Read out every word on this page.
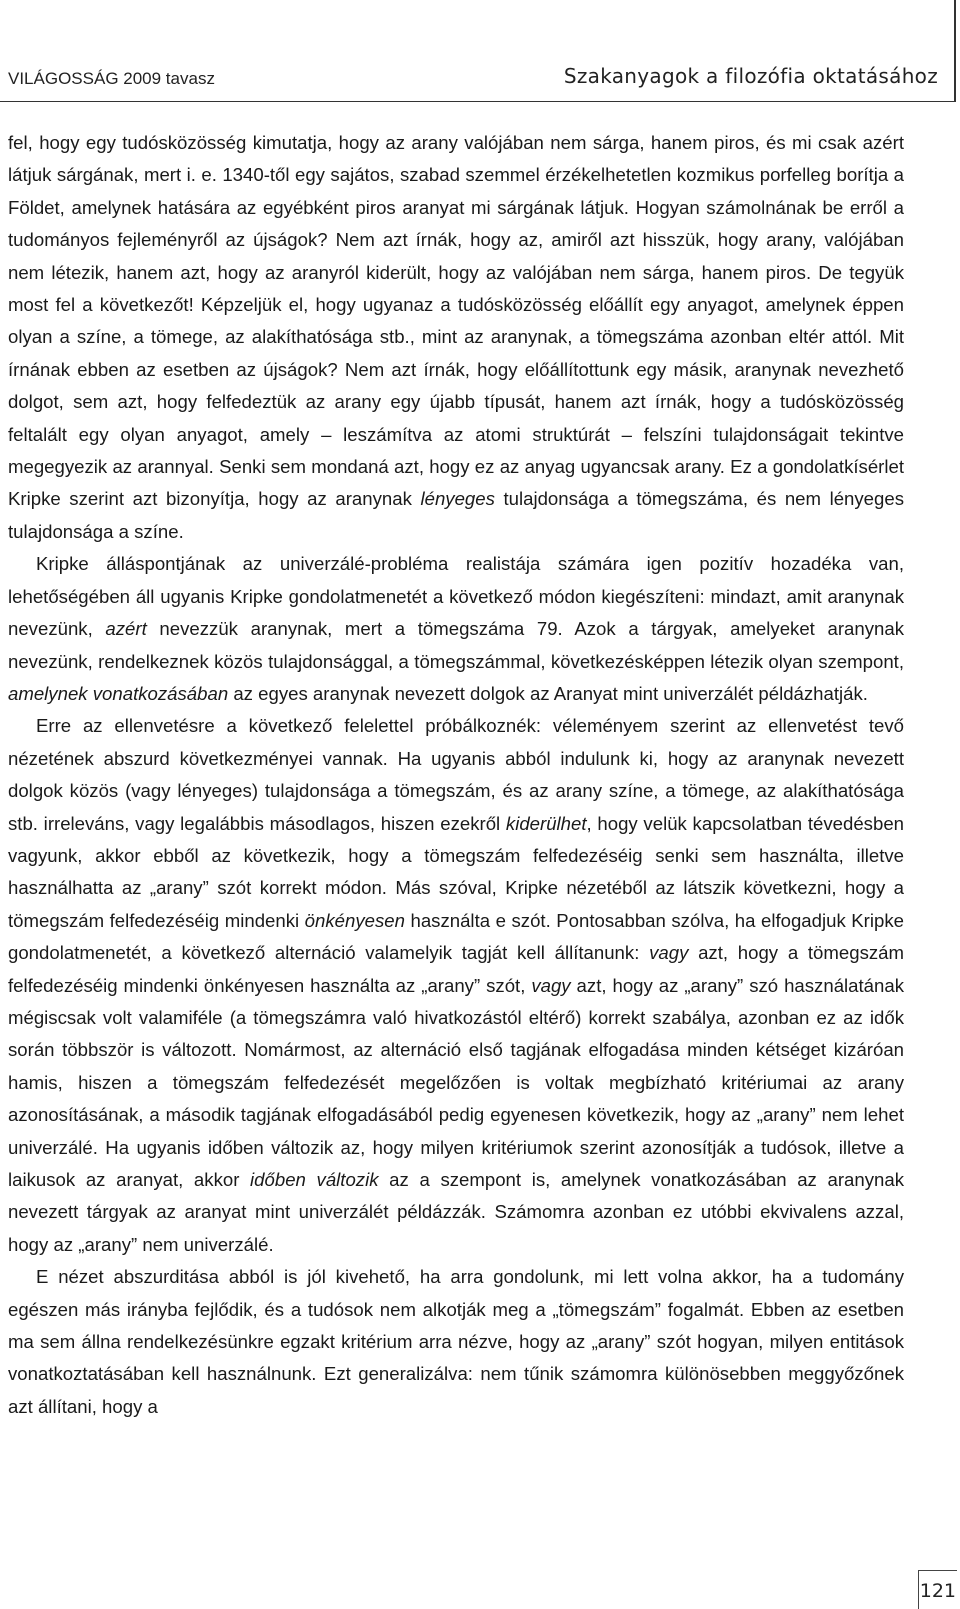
VILÁGOSSÁG 2009 tavasz	Szakanyagok a filozófia oktatásához

fel, hogy egy tudósközösség kimutatja, hogy az arany valójában nem sárga, hanem piros, és mi csak azért látjuk sárgának, mert i. e. 1340-től egy sajátos, szabad szemmel érzékelhetetlen kozmikus porfelleg borítja a Földet, amelynek hatására az egyébként piros aranyat mi sárgának látjuk. Hogyan számolnának be erről a tudományos fejleményről az újságok? Nem azt írnák, hogy az, amiről azt hisszük, hogy arany, valójában nem létezik, hanem azt, hogy az aranyról kiderült, hogy az valójában nem sárga, hanem piros. De tegyük most fel a következőt! Képzeljük el, hogy ugyanaz a tudósközösség előállít egy anyagot, amelynek éppen olyan a színe, a tömege, az alakíthatósága stb., mint az aranynak, a tömegszáma azonban eltér attól. Mit írnának ebben az esetben az újságok? Nem azt írnák, hogy előállítottunk egy másik, aranynak nevezhető dolgot, sem azt, hogy felfedeztük az arany egy újabb típusát, hanem azt írnák, hogy a tudósközösség feltalált egy olyan anyagot, amely – leszámítva az atomi struktúrát – felszíni tulajdonságait tekintve megegyezik az arannyal. Senki sem mondaná azt, hogy ez az anyag ugyancsak arany. Ez a gondolatkísérlet Kripke szerint azt bizonyítja, hogy az aranynak lényeges tulajdonsága a tömegszáma, és nem lényeges tulajdonsága a színe.

Kripke álláspontjának az univerzálé-probléma realistája számára igen pozitív hozadéka van, lehetőségében áll ugyanis Kripke gondolatmenetét a következő módon kiegészíteni: mindazt, amit aranynak nevezünk, azért nevezzük aranynak, mert a tömegszáma 79. Azok a tárgyak, amelyeket aranynak nevezünk, rendelkeznek közös tulajdonsággal, a tömegszámmal, következésképpen létezik olyan szempont, amelynek vonatkozásában az egyes aranynak nevezett dolgok az Aranyat mint univerzálét példázhatják.

Erre az ellenvetésre a következő felelettel próbálkoznék: véleményem szerint az ellenvetést tevő nézetének abszurd következményei vannak. Ha ugyanis abból indulunk ki, hogy az aranynak nevezett dolgok közös (vagy lényeges) tulajdonsága a tömegszám, és az arany színe, a tömege, az alakíthatósága stb. irreleváns, vagy legalábbis másodlagos, hiszen ezekről kiderülhet, hogy velük kapcsolatban tévedésben vagyunk, akkor ebből az következik, hogy a tömegszám felfedezéséig senki sem használta, illetve használhatta az „arany” szót korrekt módon. Más szóval, Kripke nézetéből az látszik következni, hogy a tömegszám felfedezéséig mindenki önkényesen használta e szót. Pontosabban szólva, ha elfogadjuk Kripke gondolatmenetét, a következő alternáció valamelyik tagját kell állítanunk: vagy azt, hogy a tömegszám felfedezéséig mindenki önkényesen használta az „arany” szót, vagy azt, hogy az „arany” szó használatának mégiscsak volt valamiféle (a tömegszámra való hivatkozástól eltérő) korrekt szabálya, azonban ez az idők során többször is változott. Nomármost, az alternáció első tagjának elfogadása minden kétséget kizáróan hamis, hiszen a tömegszám felfedezését megelőzően is voltak megbízható kritériumai az arany azonosításának, a második tagjának elfogadásából pedig egyenesen következik, hogy az „arany” nem lehet univerzálé. Ha ugyanis időben változik az, hogy milyen kritériumok szerint azonosítják a tudósok, illetve a laikusok az aranyat, akkor időben változik az a szempont is, amelynek vonatkozásában az aranynak nevezett tárgyak az aranyat mint univerzálét példázzák. Számomra azonban ez utóbbi ekvivalens azzal, hogy az „arany” nem univerzálé.

E nézet abszurditása abból is jól kivehető, ha arra gondolunk, mi lett volna akkor, ha a tudomány egészen más irányba fejlődik, és a tudósok nem alkotják meg a „tömegszám” fogalmát. Ebben az esetben ma sem állna rendelkezésünkre egzakt kritérium arra nézve, hogy az „arany” szót hogyan, milyen entitások vonatkoztatásában kell használnunk. Ezt generalizálva: nem tűnik számomra különösebben meggyőzőnek azt állítani, hogy a

121
